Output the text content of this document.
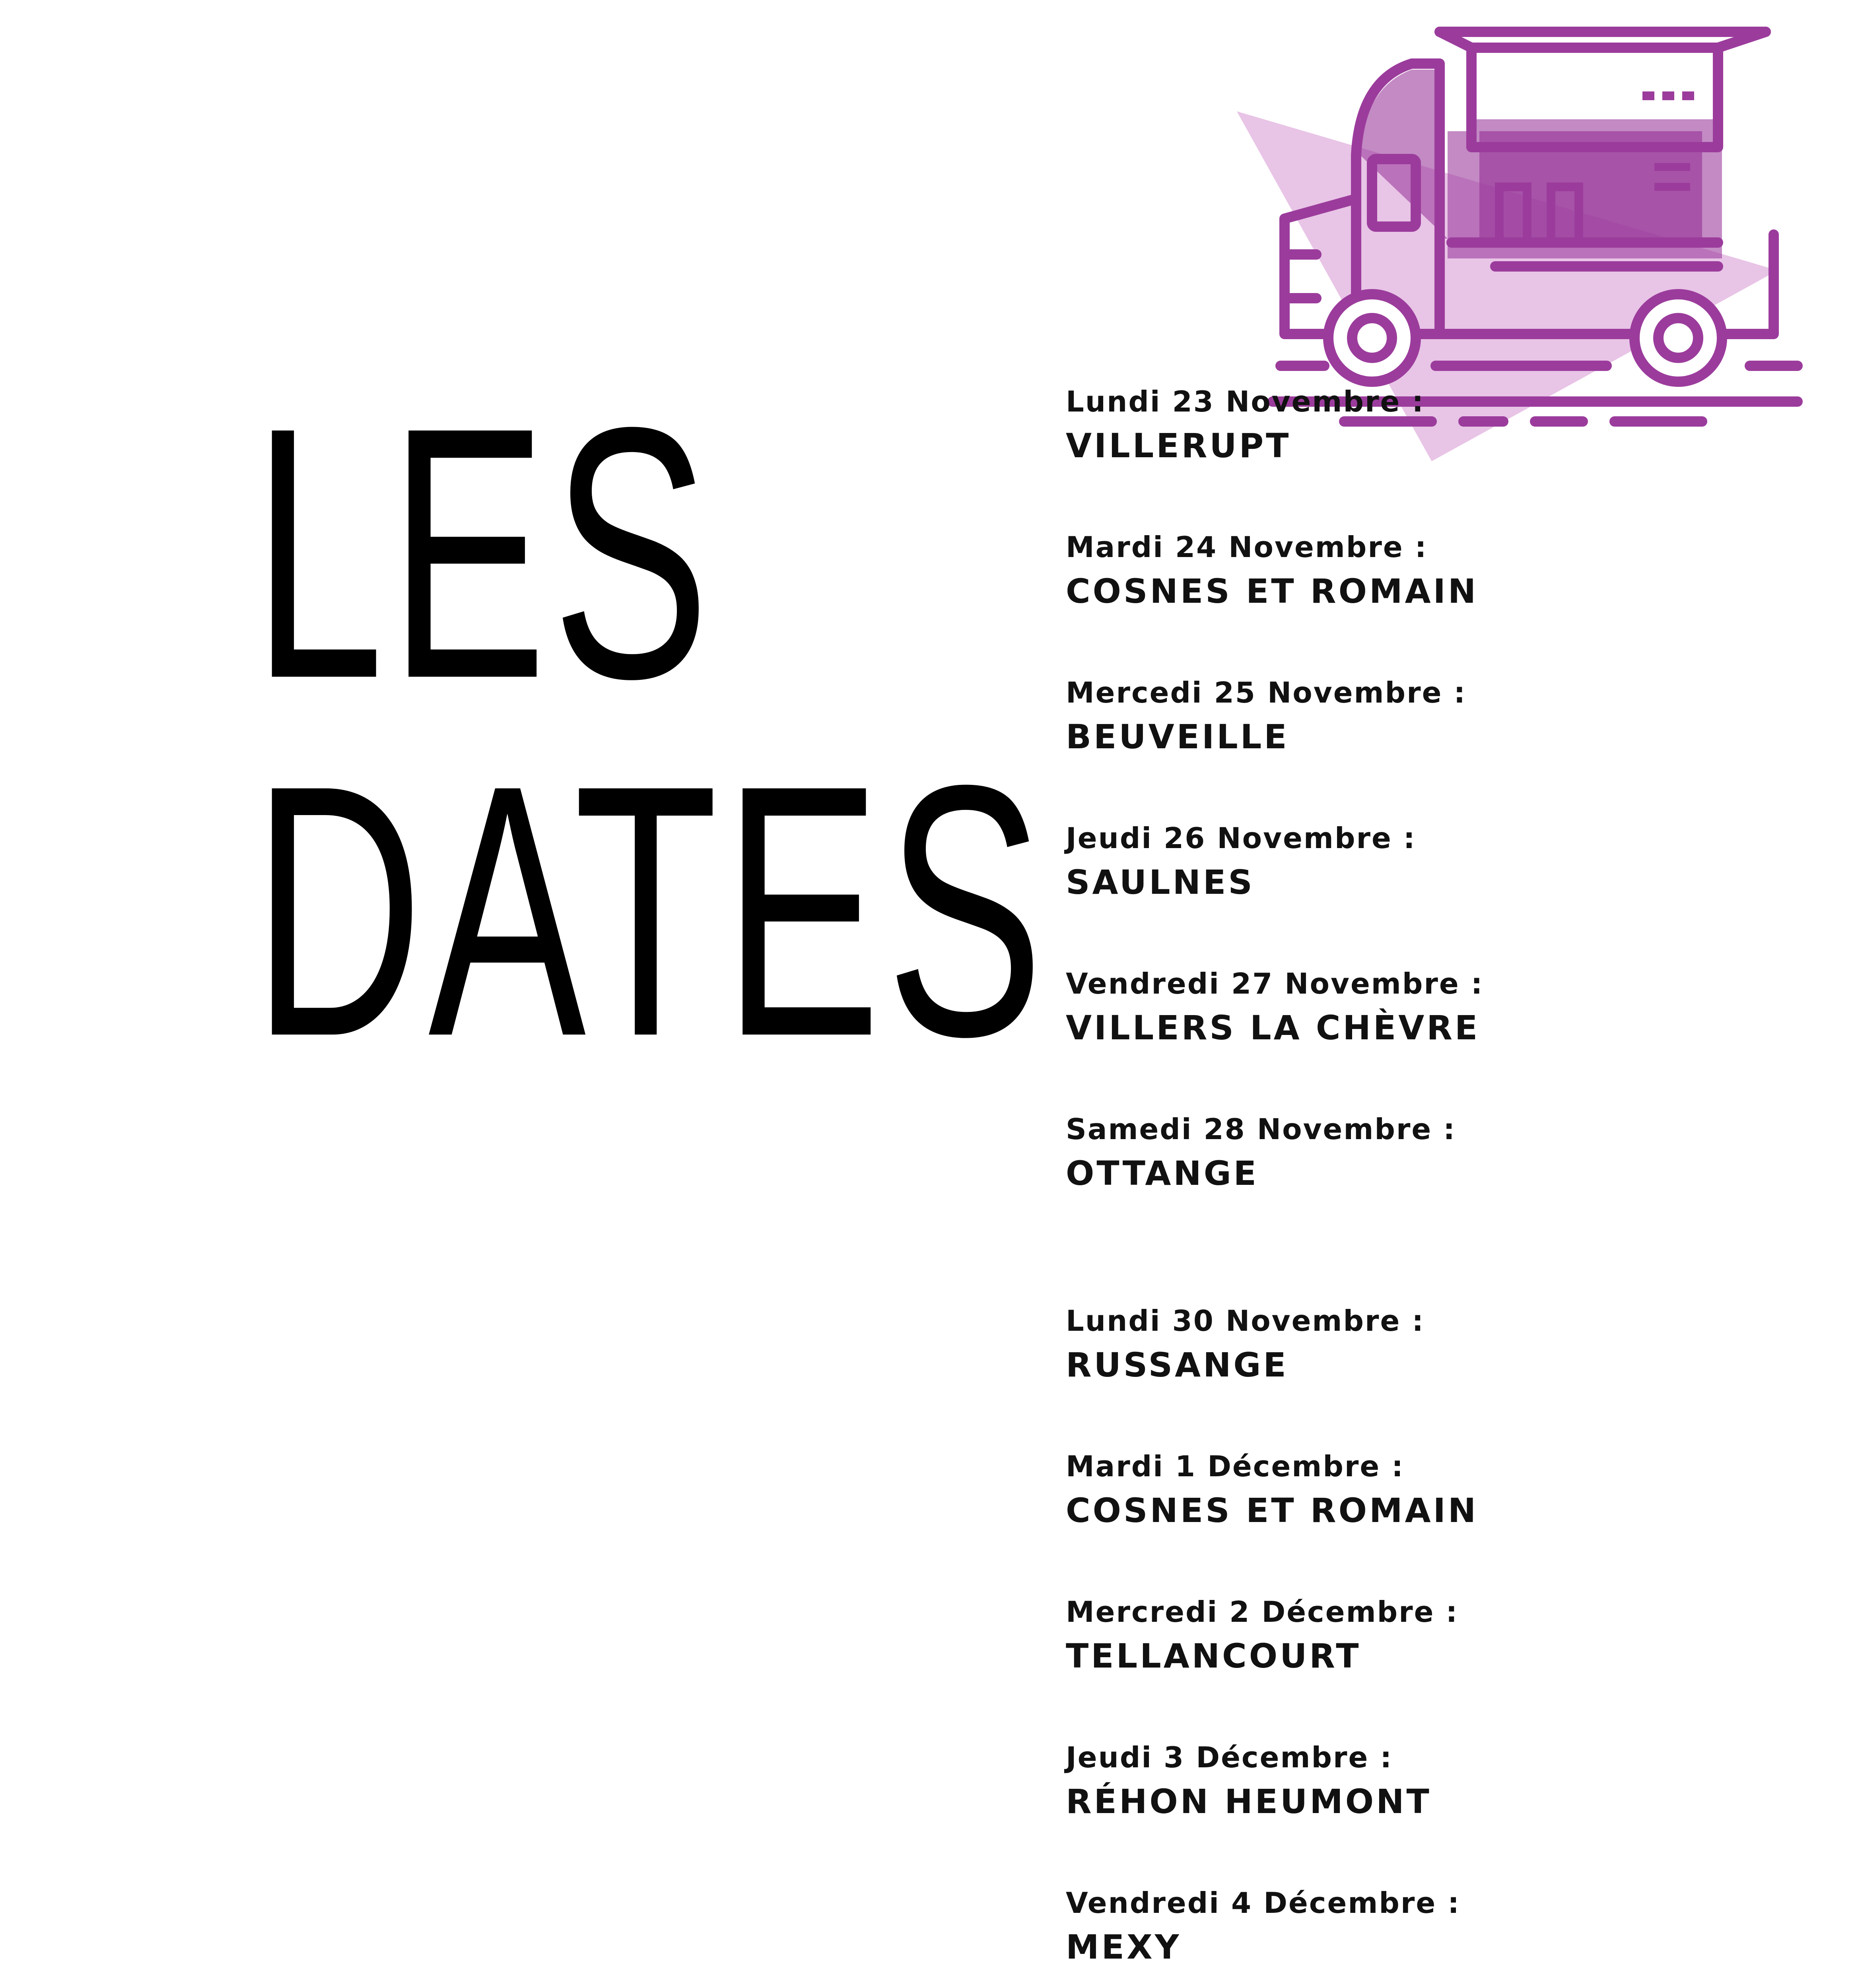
LES
DATES
Lundi 23 Novembre :
VILLERUPT
Mardi 24 Novembre :
COSNES ET ROMAIN
Mercedi 25 Novembre :
BEUVEILLE
Jeudi 26 Novembre :
SAULNES
Vendredi 27 Novembre :
VILLERS LA CHÈVRE
Samedi 28 Novembre :
OTTANGE
Lundi 30 Novembre :
RUSSANGE
Mardi 1 Décembre :
COSNES ET ROMAIN
Mercredi 2 Décembre :
TELLANCOURT
Jeudi 3 Décembre :
RÉHON HEUMONT
Vendredi 4 Décembre :
MEXY
